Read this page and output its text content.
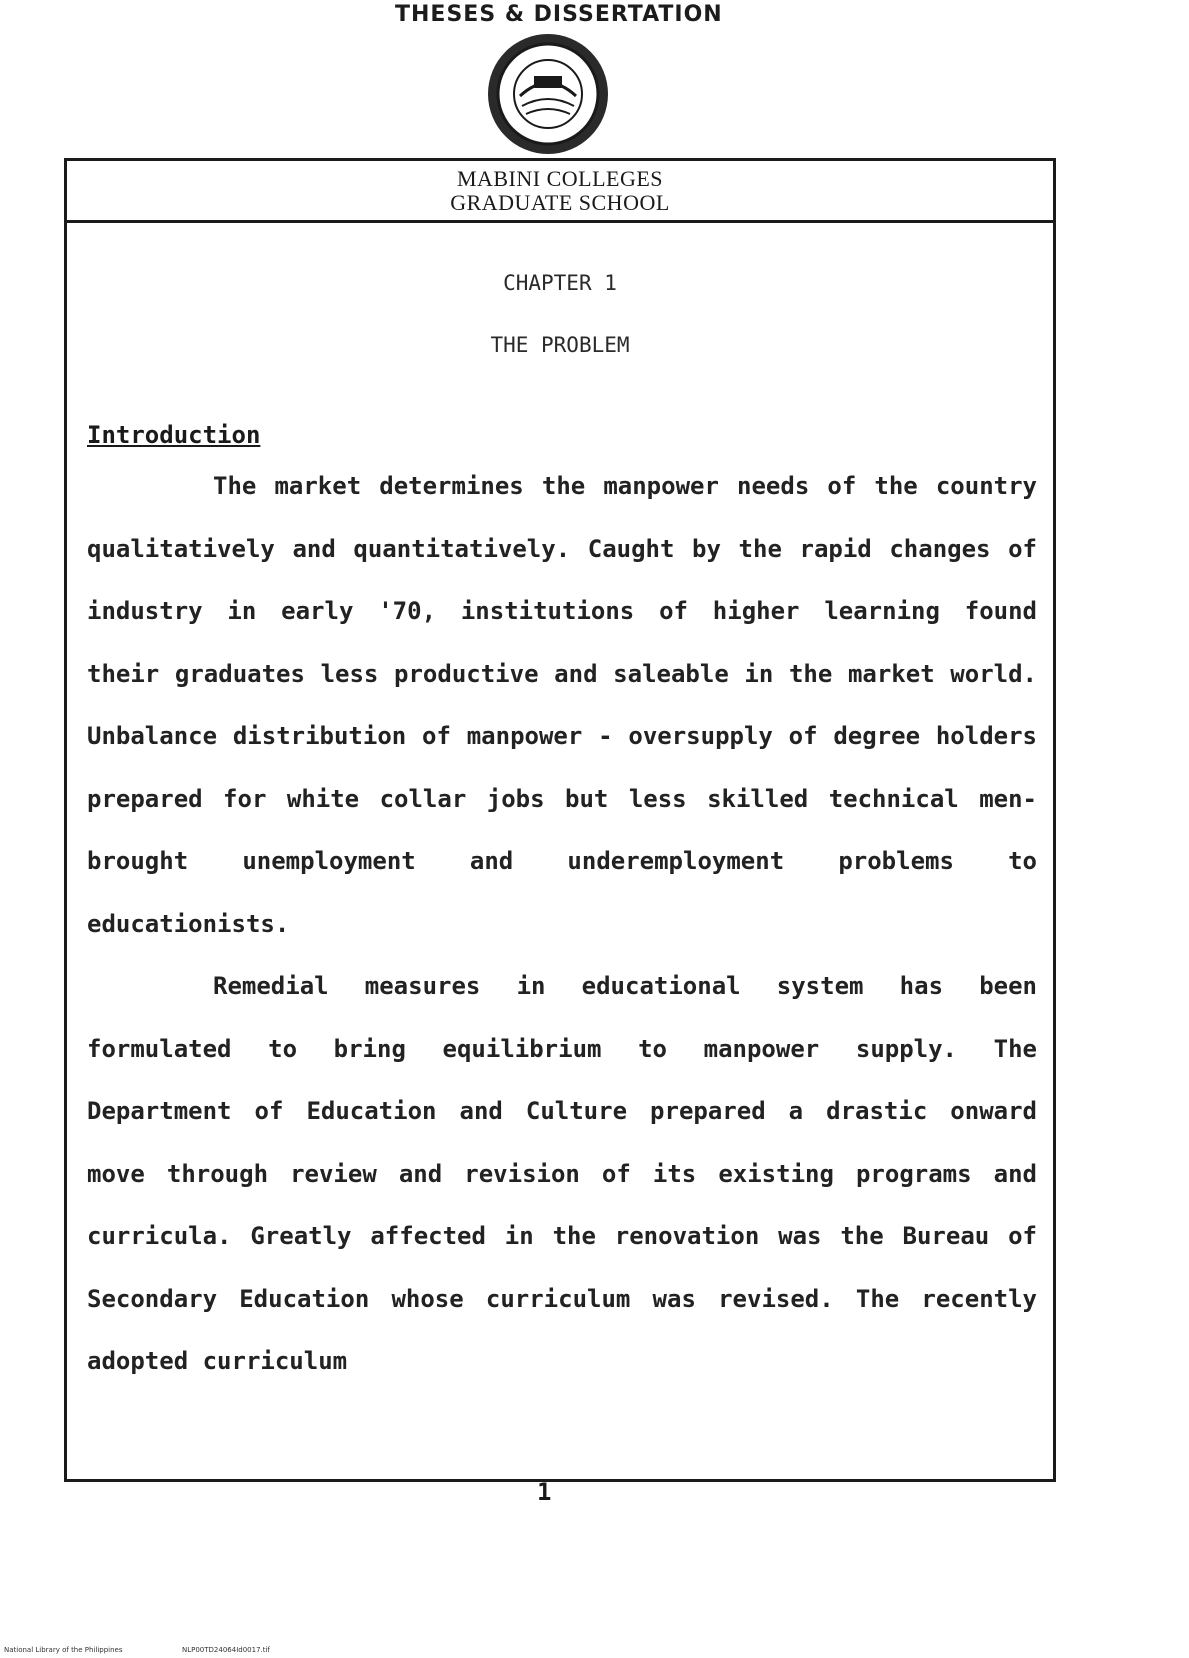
THESES & DISSERTATION
MABINI COLLEGES
GRADUATE SCHOOL
CHAPTER 1
THE PROBLEM
Introduction

The market determines the manpower needs of the country qualitatively and quantitatively. Caught by the rapid changes of industry in early '70, institutions of higher learning found their graduates less productive and saleable in the market world. Unbalance distribution of manpower - oversupply of degree holders prepared for white collar jobs but less skilled technical men- brought unemployment and underemployment problems to educationists.

Remedial measures in educational system has been formulated to bring equilibrium to manpower supply. The Department of Education and Culture prepared a drastic onward move through review and revision of its existing programs and curricula. Greatly affected in the renovation was the Bureau of Secondary Education whose curriculum was revised. The recently adopted curriculum

1
National Library of the Philippines	NLP00TD24064Id0017.tif
